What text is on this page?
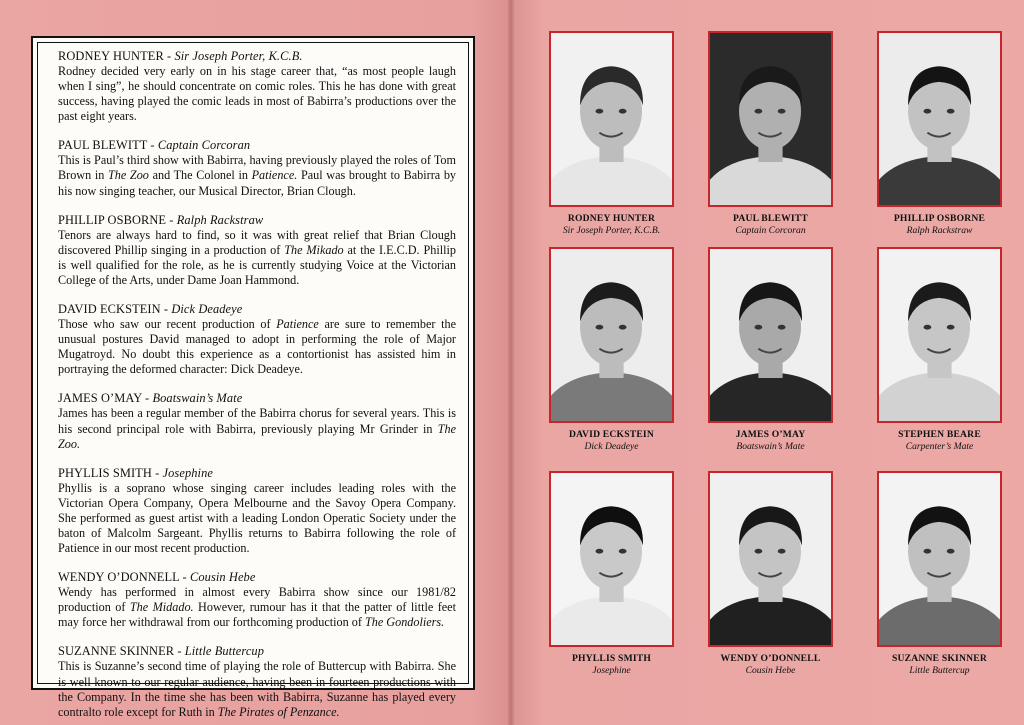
RODNEY HUNTER - Sir Joseph Porter, K.C.B.

Rodney decided very early on in his stage career that, “as most people laugh when I sing”, he should concentrate on comic roles. This he has done with great success, having played the comic leads in most of Babirra’s productions over the past eight years.

PAUL BLEWITT - Captain Corcoran

This is Paul’s third show with Babirra, having previously played the roles of Tom Brown in The Zoo and The Colonel in Patience. Paul was brought to Babirra by his now singing teacher, our Musical Director, Brian Clough.

PHILLIP OSBORNE - Ralph Rackstraw

Tenors are always hard to find, so it was with great relief that Brian Clough discovered Phillip singing in a production of The Mikado at the I.E.C.D. Phillip is well qualified for the role, as he is currently studying Voice at the Victorian College of the Arts, under Dame Joan Hammond.

DAVID ECKSTEIN - Dick Deadeye

Those who saw our recent production of Patience are sure to remember the unusual postures David managed to adopt in performing the role of Major Mugatroyd. No doubt this experience as a contortionist has assisted him in portraying the deformed character: Dick Deadeye.

JAMES O’MAY - Boatswain’s Mate

James has been a regular member of the Babirra chorus for several years. This is his second principal role with Babirra, previously playing Mr Grinder in The Zoo.

PHYLLIS SMITH - Josephine

Phyllis is a soprano whose singing career includes leading roles with the Victorian Opera Company, Opera Melbourne and the Savoy Opera Company. She performed as guest artist with a leading London Operatic Society under the baton of Malcolm Sargeant. Phyllis returns to Babirra following the role of Patience in our most recent production.

WENDY O’DONNELL - Cousin Hebe

Wendy has performed in almost every Babirra show since our 1981/82 production of The Midado. However, rumour has it that the patter of little feet may force her withdrawal from our forthcoming production of The Gondoliers.

SUZANNE SKINNER - Little Buttercup

This is Suzanne’s second time of playing the role of Buttercup with Babirra. She is well known to our regular audience, having been in fourteen productions with the Company. In the time she has been with Babirra, Suzanne has played every contralto role except for Ruth in The Pirates of Penzance.

RODNEY HUNTER
Sir Joseph Porter, K.C.B.
PAUL BLEWITT
Captain Corcoran
PHILLIP OSBORNE
Ralph Rackstraw
DAVID ECKSTEIN
Dick Deadeye
JAMES O’MAY
Boatswain’s Mate
STEPHEN BEARE
Carpenter’s Mate
PHYLLIS SMITH
Josephine
WENDY O’DONNELL
Cousin Hebe
SUZANNE SKINNER
Little Buttercup
